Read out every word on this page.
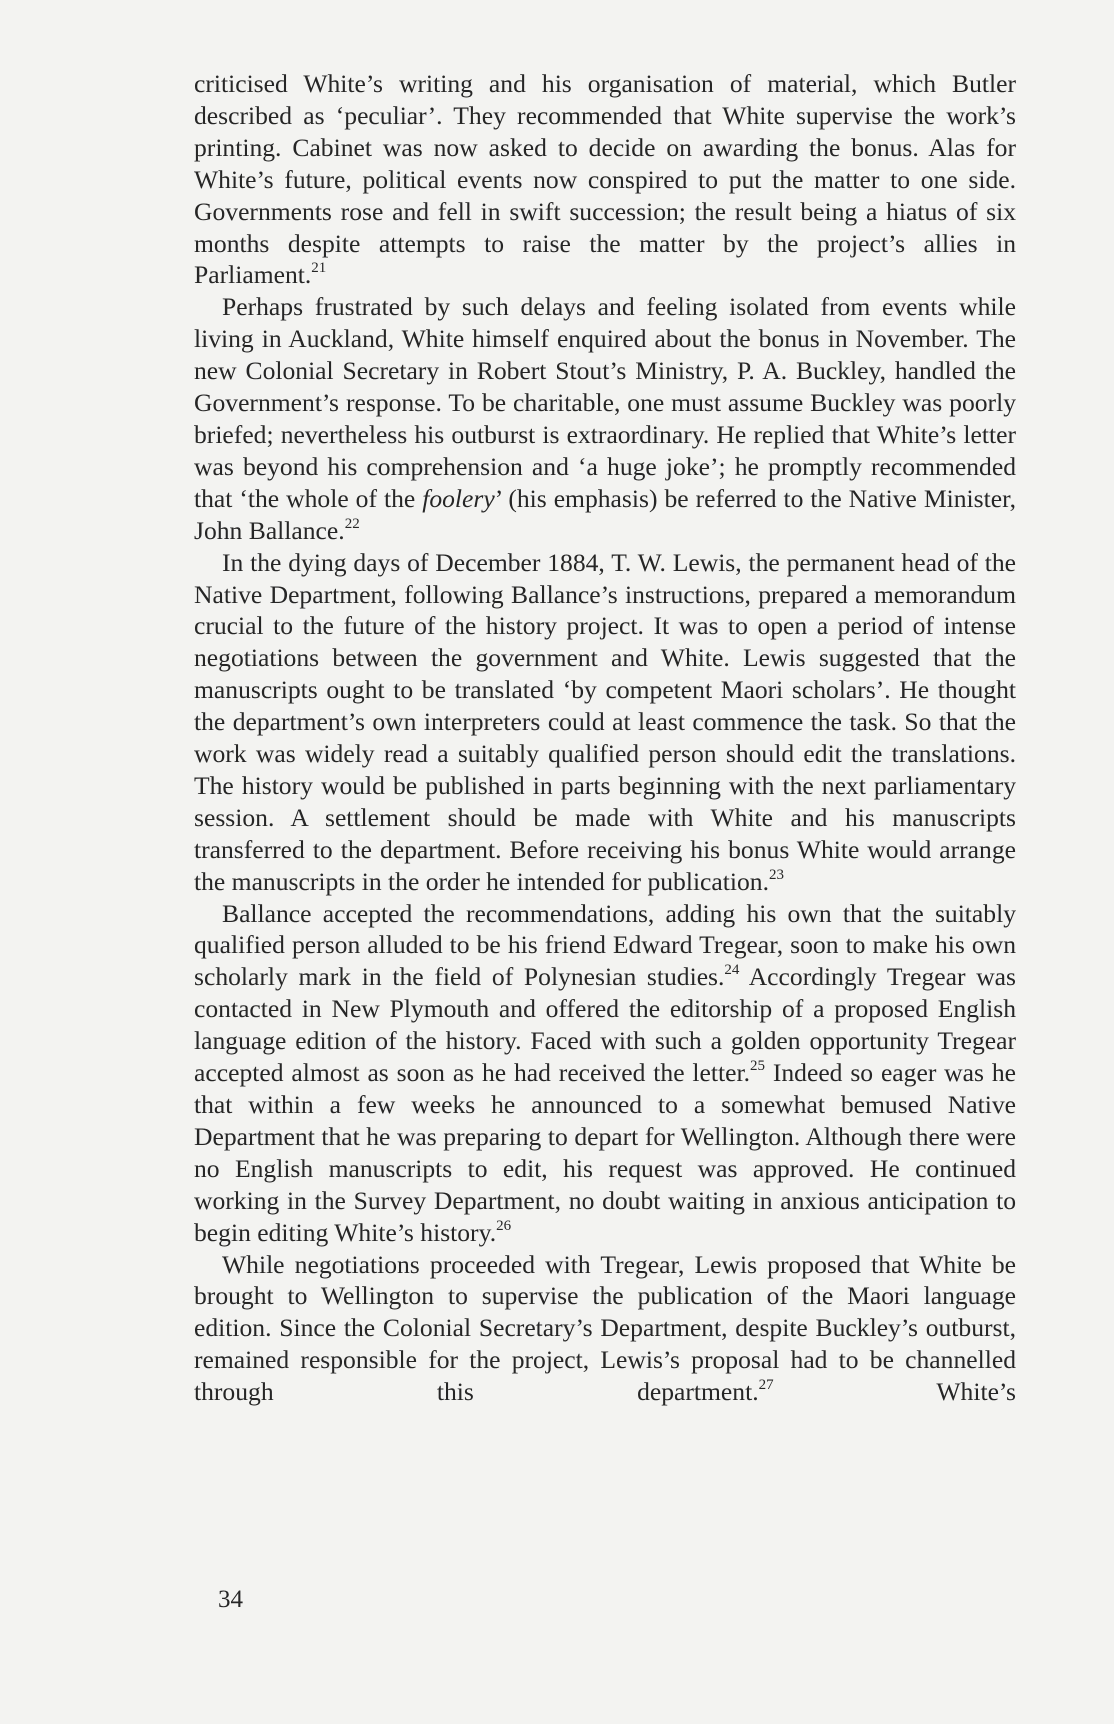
criticised White’s writing and his organisation of material, which Butler described as ‘peculiar’. They recommended that White supervise the work’s printing. Cabinet was now asked to decide on awarding the bonus. Alas for White’s future, political events now conspired to put the matter to one side. Governments rose and fell in swift succession; the result being a hiatus of six months despite attempts to raise the matter by the project’s allies in Parliament.$^{21}$

Perhaps frustrated by such delays and feeling isolated from events while living in Auckland, White himself enquired about the bonus in November. The new Colonial Secretary in Robert Stout’s Ministry, P. A. Buckley, handled the Government’s response. To be charitable, one must assume Buckley was poorly briefed; nevertheless his outburst is extraordinary. He replied that White’s letter was beyond his comprehension and ‘a huge joke’; he promptly recommended that ‘the whole of the foolery’ (his emphasis) be referred to the Native Minister, John Ballance.$^{22}$

In the dying days of December 1884, T. W. Lewis, the permanent head of the Native Department, following Ballance’s instructions, prepared a memorandum crucial to the future of the history project. It was to open a period of intense negotiations between the government and White. Lewis suggested that the manuscripts ought to be translated ‘by competent Maori scholars’. He thought the department’s own interpreters could at least commence the task. So that the work was widely read a suitably qualified person should edit the translations. The history would be published in parts beginning with the next parliamentary session. A settlement should be made with White and his manuscripts transferred to the department. Before receiving his bonus White would arrange the manuscripts in the order he intended for publication.$^{23}$

Ballance accepted the recommendations, adding his own that the suitably qualified person alluded to be his friend Edward Tregear, soon to make his own scholarly mark in the field of Polynesian studies.$^{24}$ Accordingly Tregear was contacted in New Plymouth and offered the editorship of a proposed English language edition of the history. Faced with such a golden opportunity Tregear accepted almost as soon as he had received the letter.$^{25}$ Indeed so eager was he that within a few weeks he announced to a somewhat bemused Native Department that he was preparing to depart for Wellington. Although there were no English manuscripts to edit, his request was approved. He continued working in the Survey Department, no doubt waiting in anxious anticipation to begin editing White’s history.$^{26}$

While negotiations proceeded with Tregear, Lewis proposed that White be brought to Wellington to supervise the publication of the Maori language edition. Since the Colonial Secretary’s Department, despite Buckley’s outburst, remained responsible for the project, Lewis’s proposal had to be channelled through this department.$^{27}$ White’s

34
